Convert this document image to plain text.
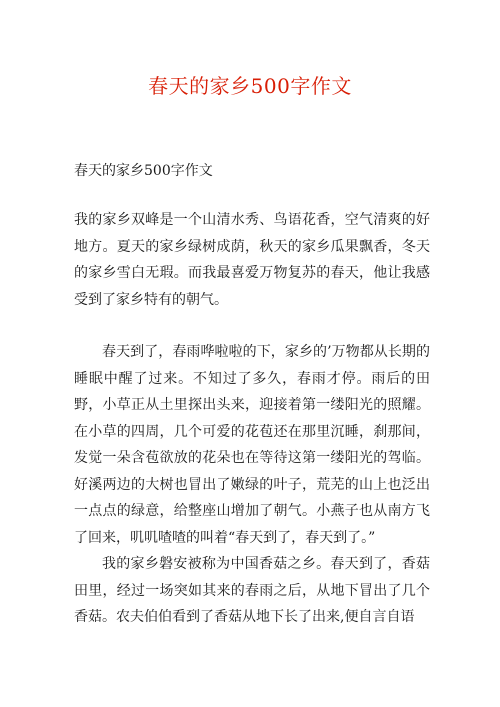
春天的家乡500字作文
春天的家乡500字作文

我的家乡双峰是一个山清水秀、鸟语花香，空气清爽的好地方。夏天的家乡绿树成荫，秋天的家乡瓜果飘香，冬天的家乡雪白无瑕。而我最喜爱万物复苏的春天，他让我感受到了家乡特有的朝气。

春天到了，春雨哗啦啦的下，家乡的’万物都从长期的睡眠中醒了过来。不知过了多久，春雨才停。雨后的田野，小草正从土里探出头来，迎接着第一缕阳光的照耀。在小草的四周，几个可爱的花苞还在那里沉睡，刹那间，发觉一朵含苞欲放的花朵也在等待这第一缕阳光的驾临。好溪两边的大树也冒出了嫩绿的叶子，荒芜的山上也泛出一点点的绿意，给整座山增加了朝气。小燕子也从南方飞了回来，叽叽喳喳的叫着“春天到了，春天到了。”

我的家乡磐安被称为中国香菇之乡。春天到了，香菇田里，经过一场突如其来的春雨之后，从地下冒出了几个香菇。农夫伯伯看到了香菇从地下长了出来,便自言自语
